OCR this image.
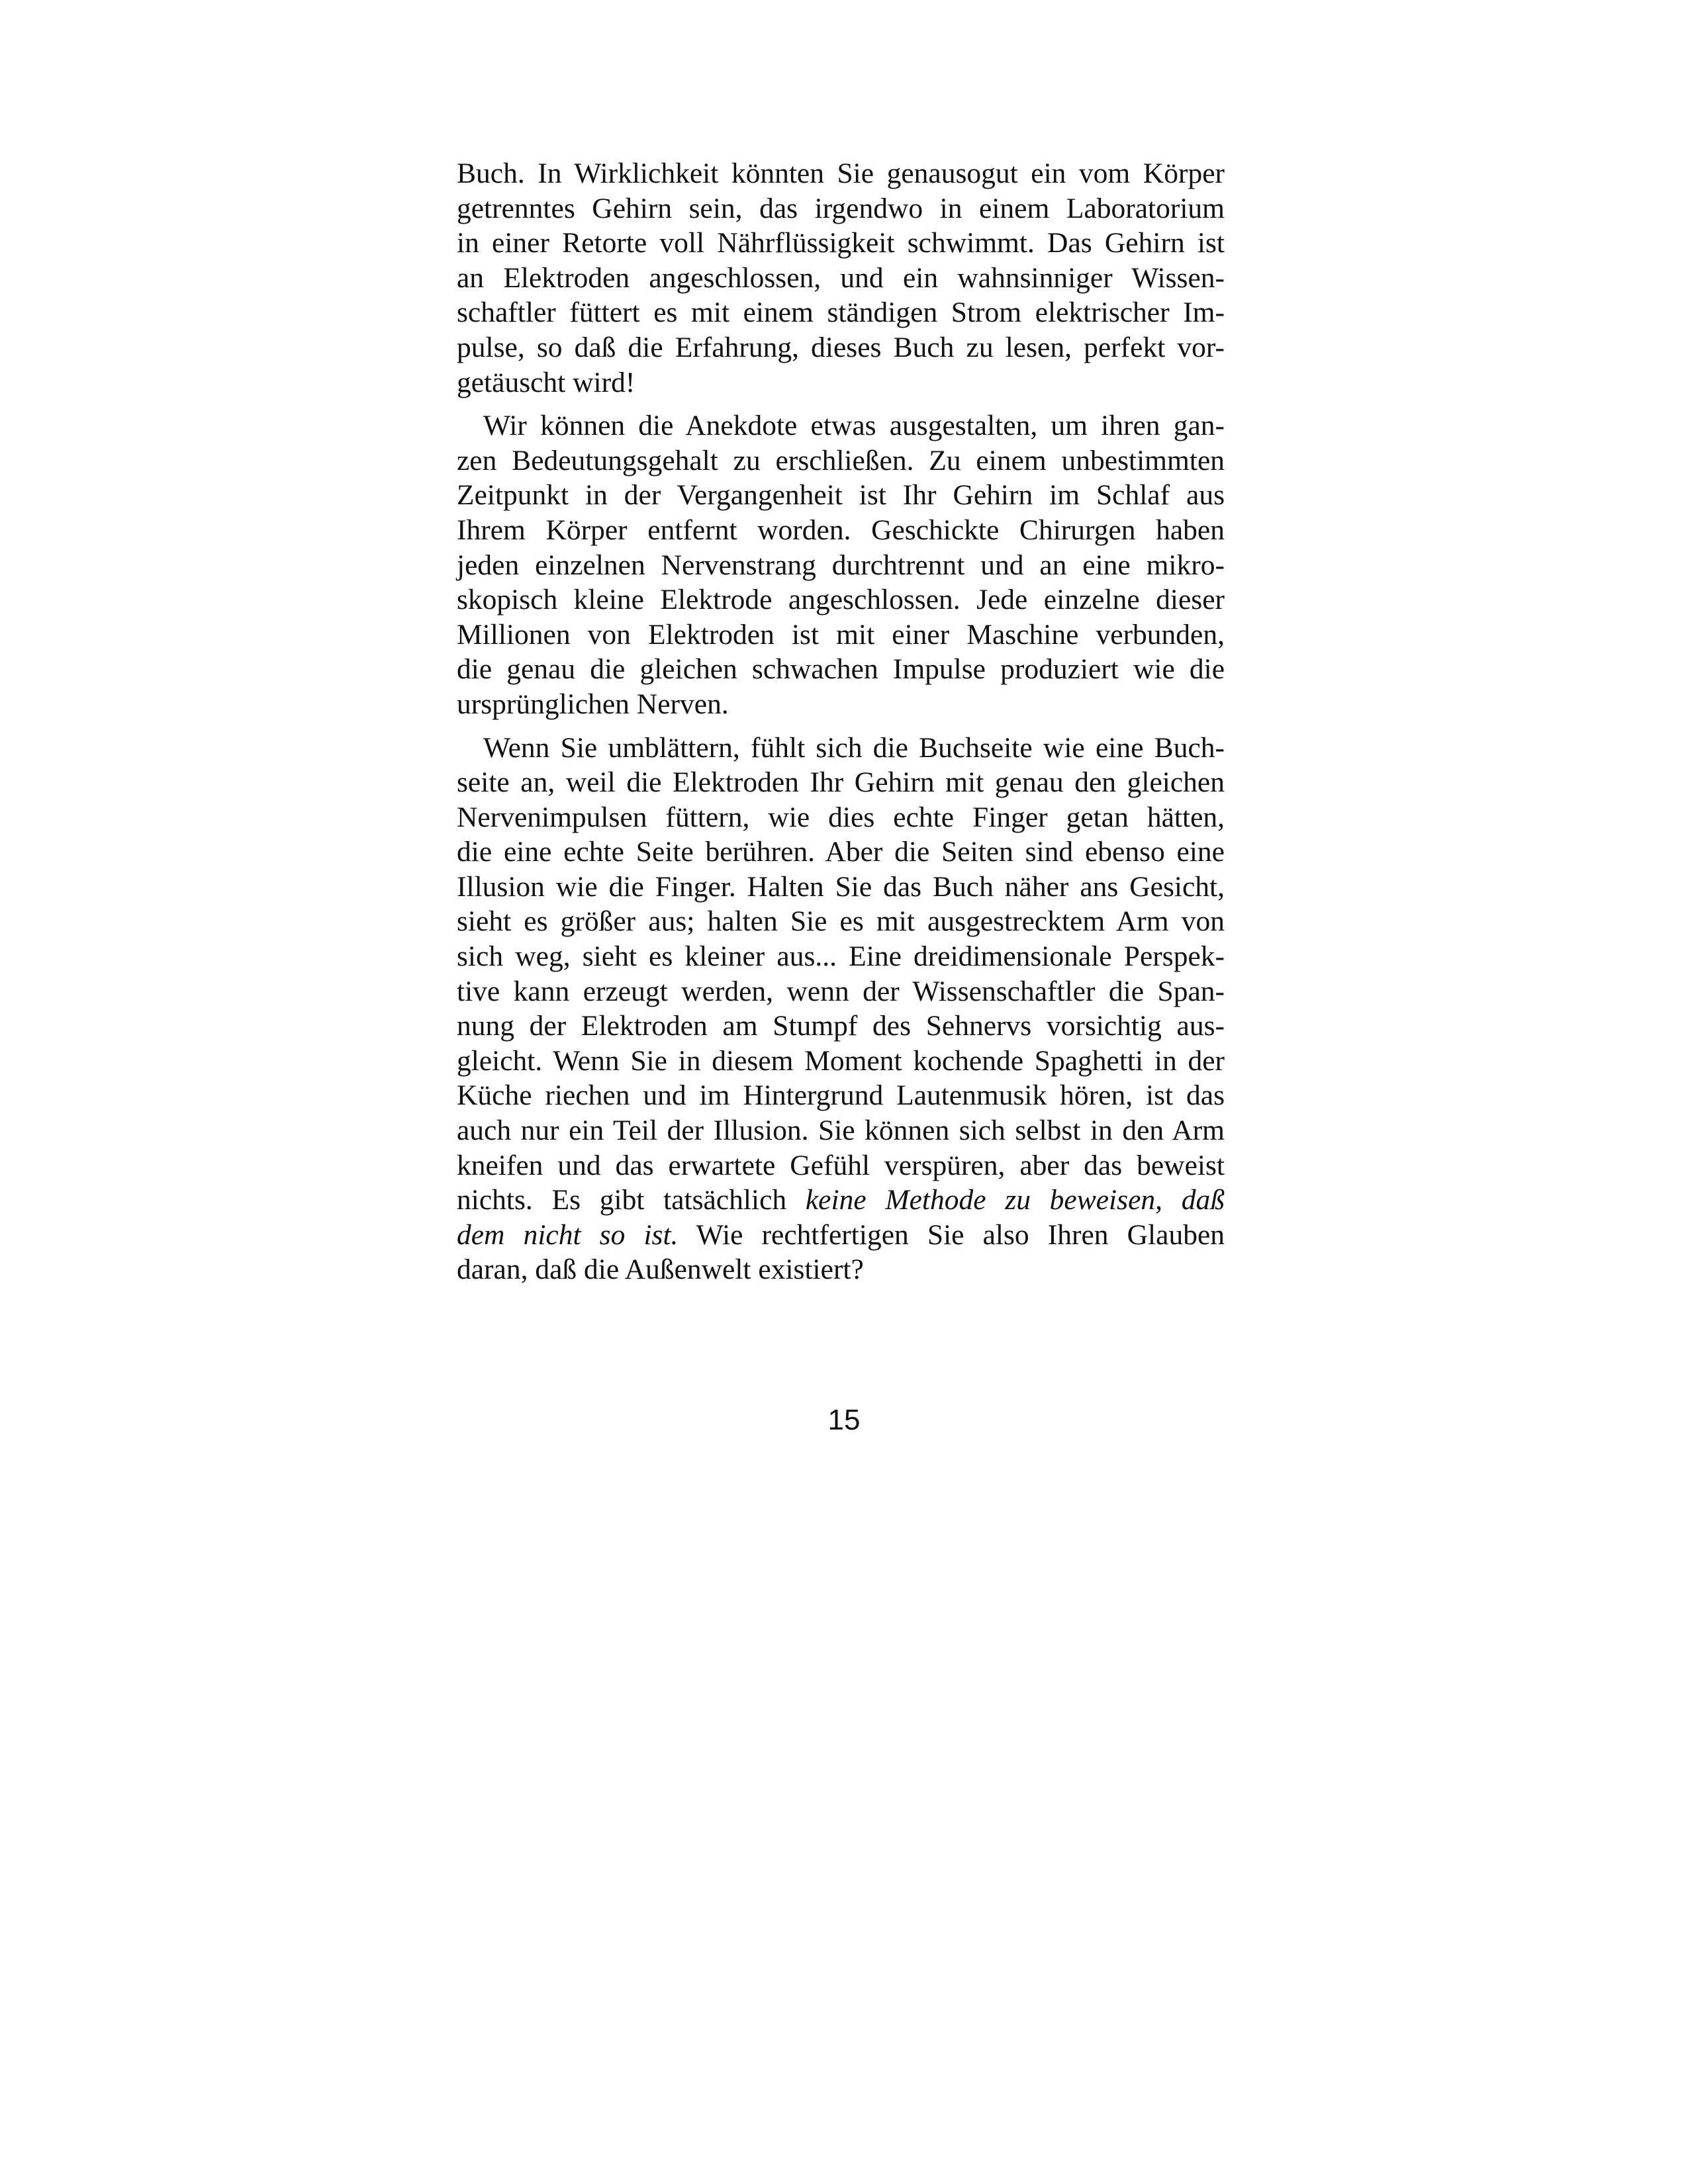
Buch. In Wirklichkeit könnten Sie genausogut ein vom Körper
getrenntes Gehirn sein, das irgendwo in einem Laboratorium
in einer Retorte voll Nährflüssigkeit schwimmt. Das Gehirn ist
an Elektroden angeschlossen, und ein wahnsinniger Wissen-
schaftler füttert es mit einem ständigen Strom elektrischer Im-
pulse, so daß die Erfahrung, dieses Buch zu lesen, perfekt vor-
getäuscht wird!

Wir können die Anekdote etwas ausgestalten, um ihren gan-
zen Bedeutungsgehalt zu erschließen. Zu einem unbestimmten
Zeitpunkt in der Vergangenheit ist Ihr Gehirn im Schlaf aus
Ihrem Körper entfernt worden. Geschickte Chirurgen haben
jeden einzelnen Nervenstrang durchtrennt und an eine mikro-
skopisch kleine Elektrode angeschlossen. Jede einzelne dieser
Millionen von Elektroden ist mit einer Maschine verbunden,
die genau die gleichen schwachen Impulse produziert wie die
ursprünglichen Nerven.

Wenn Sie umblättern, fühlt sich die Buchseite wie eine Buch-
seite an, weil die Elektroden Ihr Gehirn mit genau den gleichen
Nervenimpulsen füttern, wie dies echte Finger getan hätten,
die eine echte Seite berühren. Aber die Seiten sind ebenso eine
Illusion wie die Finger. Halten Sie das Buch näher ans Gesicht,
sieht es größer aus; halten Sie es mit ausgestrecktem Arm von
sich weg, sieht es kleiner aus... Eine dreidimensionale Perspek-
tive kann erzeugt werden, wenn der Wissenschaftler die Span-
nung der Elektroden am Stumpf des Sehnervs vorsichtig aus-
gleicht. Wenn Sie in diesem Moment kochende Spaghetti in der
Küche riechen und im Hintergrund Lautenmusik hören, ist das
auch nur ein Teil der Illusion. Sie können sich selbst in den Arm
kneifen und das erwartete Gefühl verspüren, aber das beweist
nichts. Es gibt tatsächlich keine Methode zu beweisen, daß
dem nicht so ist. Wie rechtfertigen Sie also Ihren Glauben
daran, daß die Außenwelt existiert?

15
